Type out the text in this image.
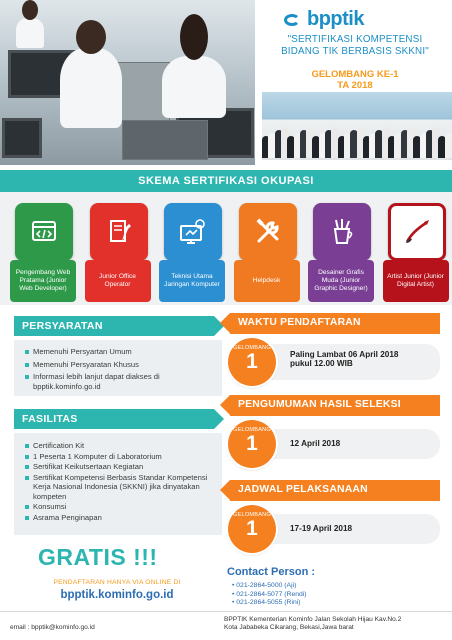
bpptik
"SERTIFIKASI KOMPETENSI
BIDANG TIK BERBASIS SKKNI"
GELOMBANG KE-1
TA 2018
SKEMA SERTIFIKASI OKUPASI
Pengembang Web Pratama (Junior Web Developer)
Junior Office Operator
Teknisi Utama Jaringan Komputer
Helpdesk
Desainer Grafis Muda (Junior Graphic Designer)
Artist Junior (Junior Digital Artist)
PERSYARATAN
Memenuhi Persyartan Umum
Memenuhi Persyaratan Khusus
Informasi lebih lanjut dapat diakses di bpptik.kominfo.go.id
FASILITAS
Certification Kit
1 Peserta 1 Komputer di Laboratorium
Sertifikat Keikutsertaan Kegiatan
Sertifikat Kompetensi Berbasis Standar Kompetensi Kerja Nasional Indonesia (SKKNI) jika dinyatakan kompeten
Konsumsi
Asrama Penginapan
GRATIS !!!
PENDAFTARAN HANYA VIA ONLINE DI
bpptik.kominfo.go.id
WAKTU PENDAFTARAN
Paling Lambat 06 April 2018
pukul 12.00 WIB
GELOMBANG
1
PENGUMUMAN HASIL SELEKSI
12 April 2018
GELOMBANG
1
JADWAL PELAKSANAAN
17-19 April 2018
GELOMBANG
1
Contact Person :
• 021-2864-5000 (Aji)
• 021-2864-5077 (Rendi)
• 021-2864-5055 (Rini)
email : bpptik@kominfo.go.id
BPPTIK Kementerian Kominfo Jalan Sekolah Hijau Kav.No.2
Kota Jababeka Cikarang, Bekasi,Jawa barat
